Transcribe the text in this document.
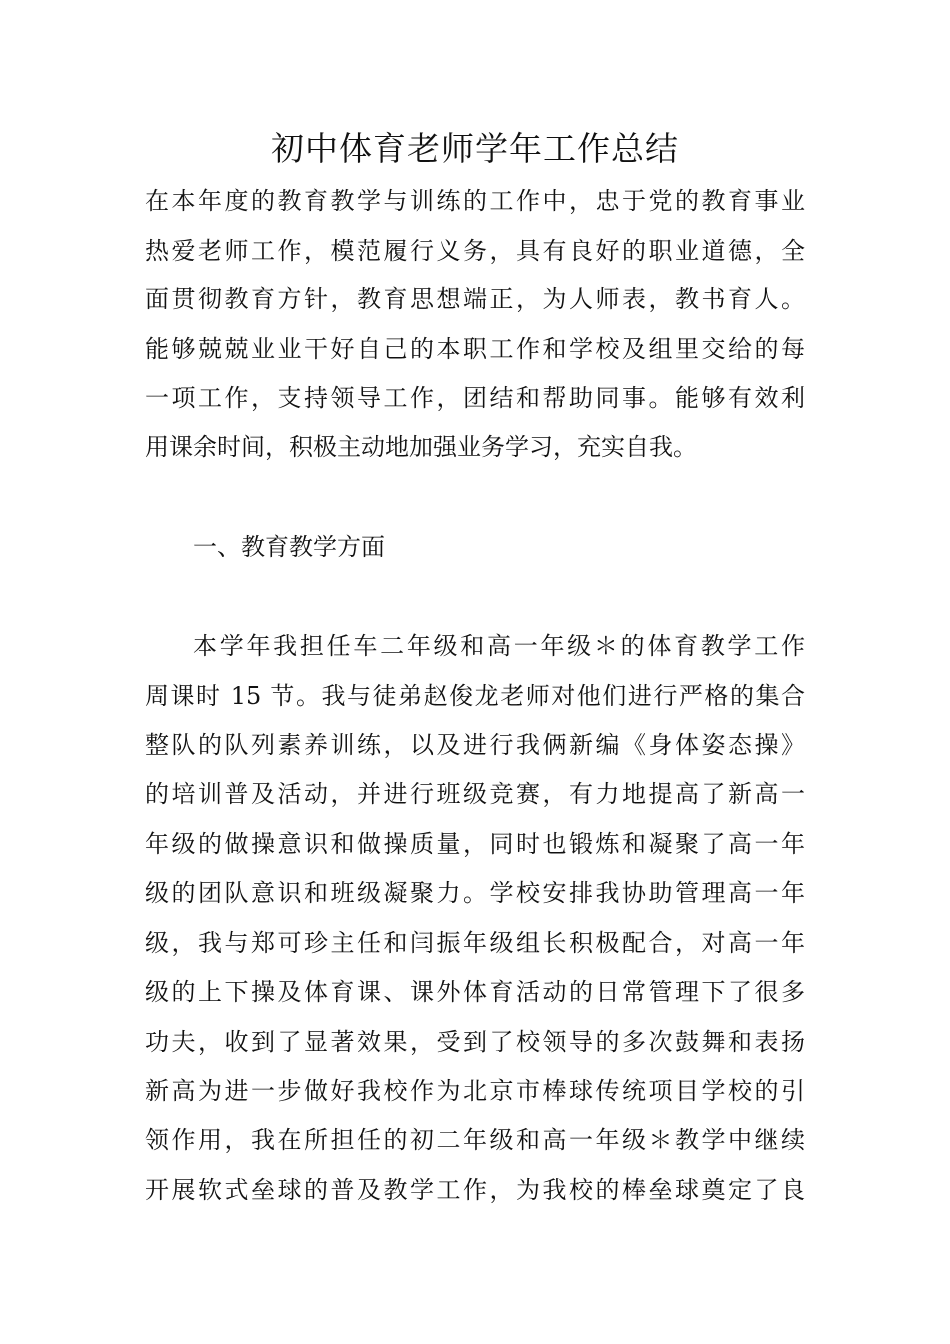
初中体育老师学年工作总结
在本年度的教育教学与训练的工作中，忠于党的教育事业
热爱老师工作，模范履行义务，具有良好的职业道德，全
面贯彻教育方针，教育思想端正，为人师表，教书育人。
能够兢兢业业干好自己的本职工作和学校及组里交给的每
一项工作，支持领导工作，团结和帮助同事。能够有效利
用课余时间，积极主动地加强业务学习，充实自我。
一、教育教学方面
本学年我担任车二年级和高一年级＊的体育教学工作
周课时 15 节。我与徒弟赵俊龙老师对他们进行严格的集合
整队的队列素养训练，以及进行我俩新编《身体姿态操》
的培训普及活动，并进行班级竞赛，有力地提高了新高一
年级的做操意识和做操质量，同时也锻炼和凝聚了高一年
级的团队意识和班级凝聚力。学校安排我协助管理高一年
级，我与郑可珍主任和闫振年级组长积极配合，对高一年
级的上下操及体育课、课外体育活动的日常管理下了很多
功夫，收到了显著效果，受到了校领导的多次鼓舞和表扬
新高为进一步做好我校作为北京市棒球传统项目学校的引
领作用，我在所担任的初二年级和高一年级＊教学中继续
开展软式垒球的普及教学工作，为我校的棒垒球奠定了良
